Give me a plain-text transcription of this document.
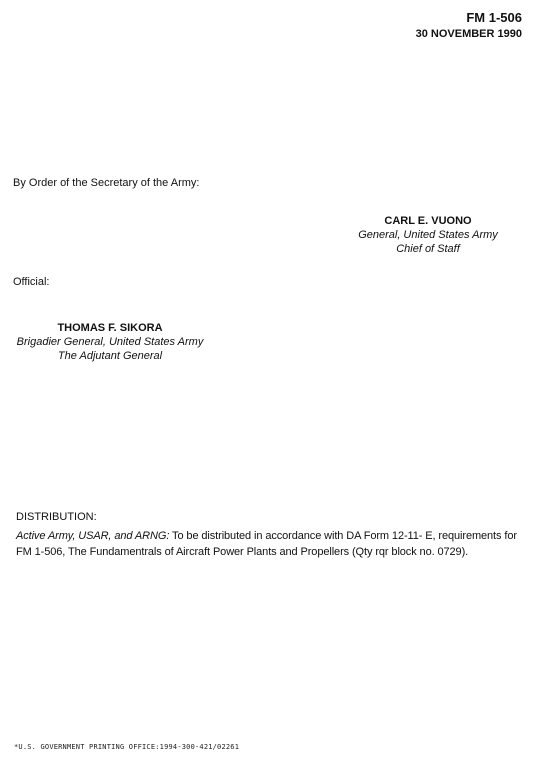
FM 1-506
30 NOVEMBER 1990
By Order of the Secretary of the Army:
CARL E. VUONO
General, United States Army
Chief of Staff
Official:
THOMAS F. SIKORA
Brigadier General, United States Army
The Adjutant General
DISTRIBUTION:
Active Army, USAR, and ARNG: To be distributed in accordance with DA Form 12-11- E, requirements for FM 1-506, The Fundamentrals of Aircraft Power Plants and Propellers (Qty rqr block no. 0729).
*U.S. GOVERNMENT PRINTING OFFICE:1994-300-421/02261
